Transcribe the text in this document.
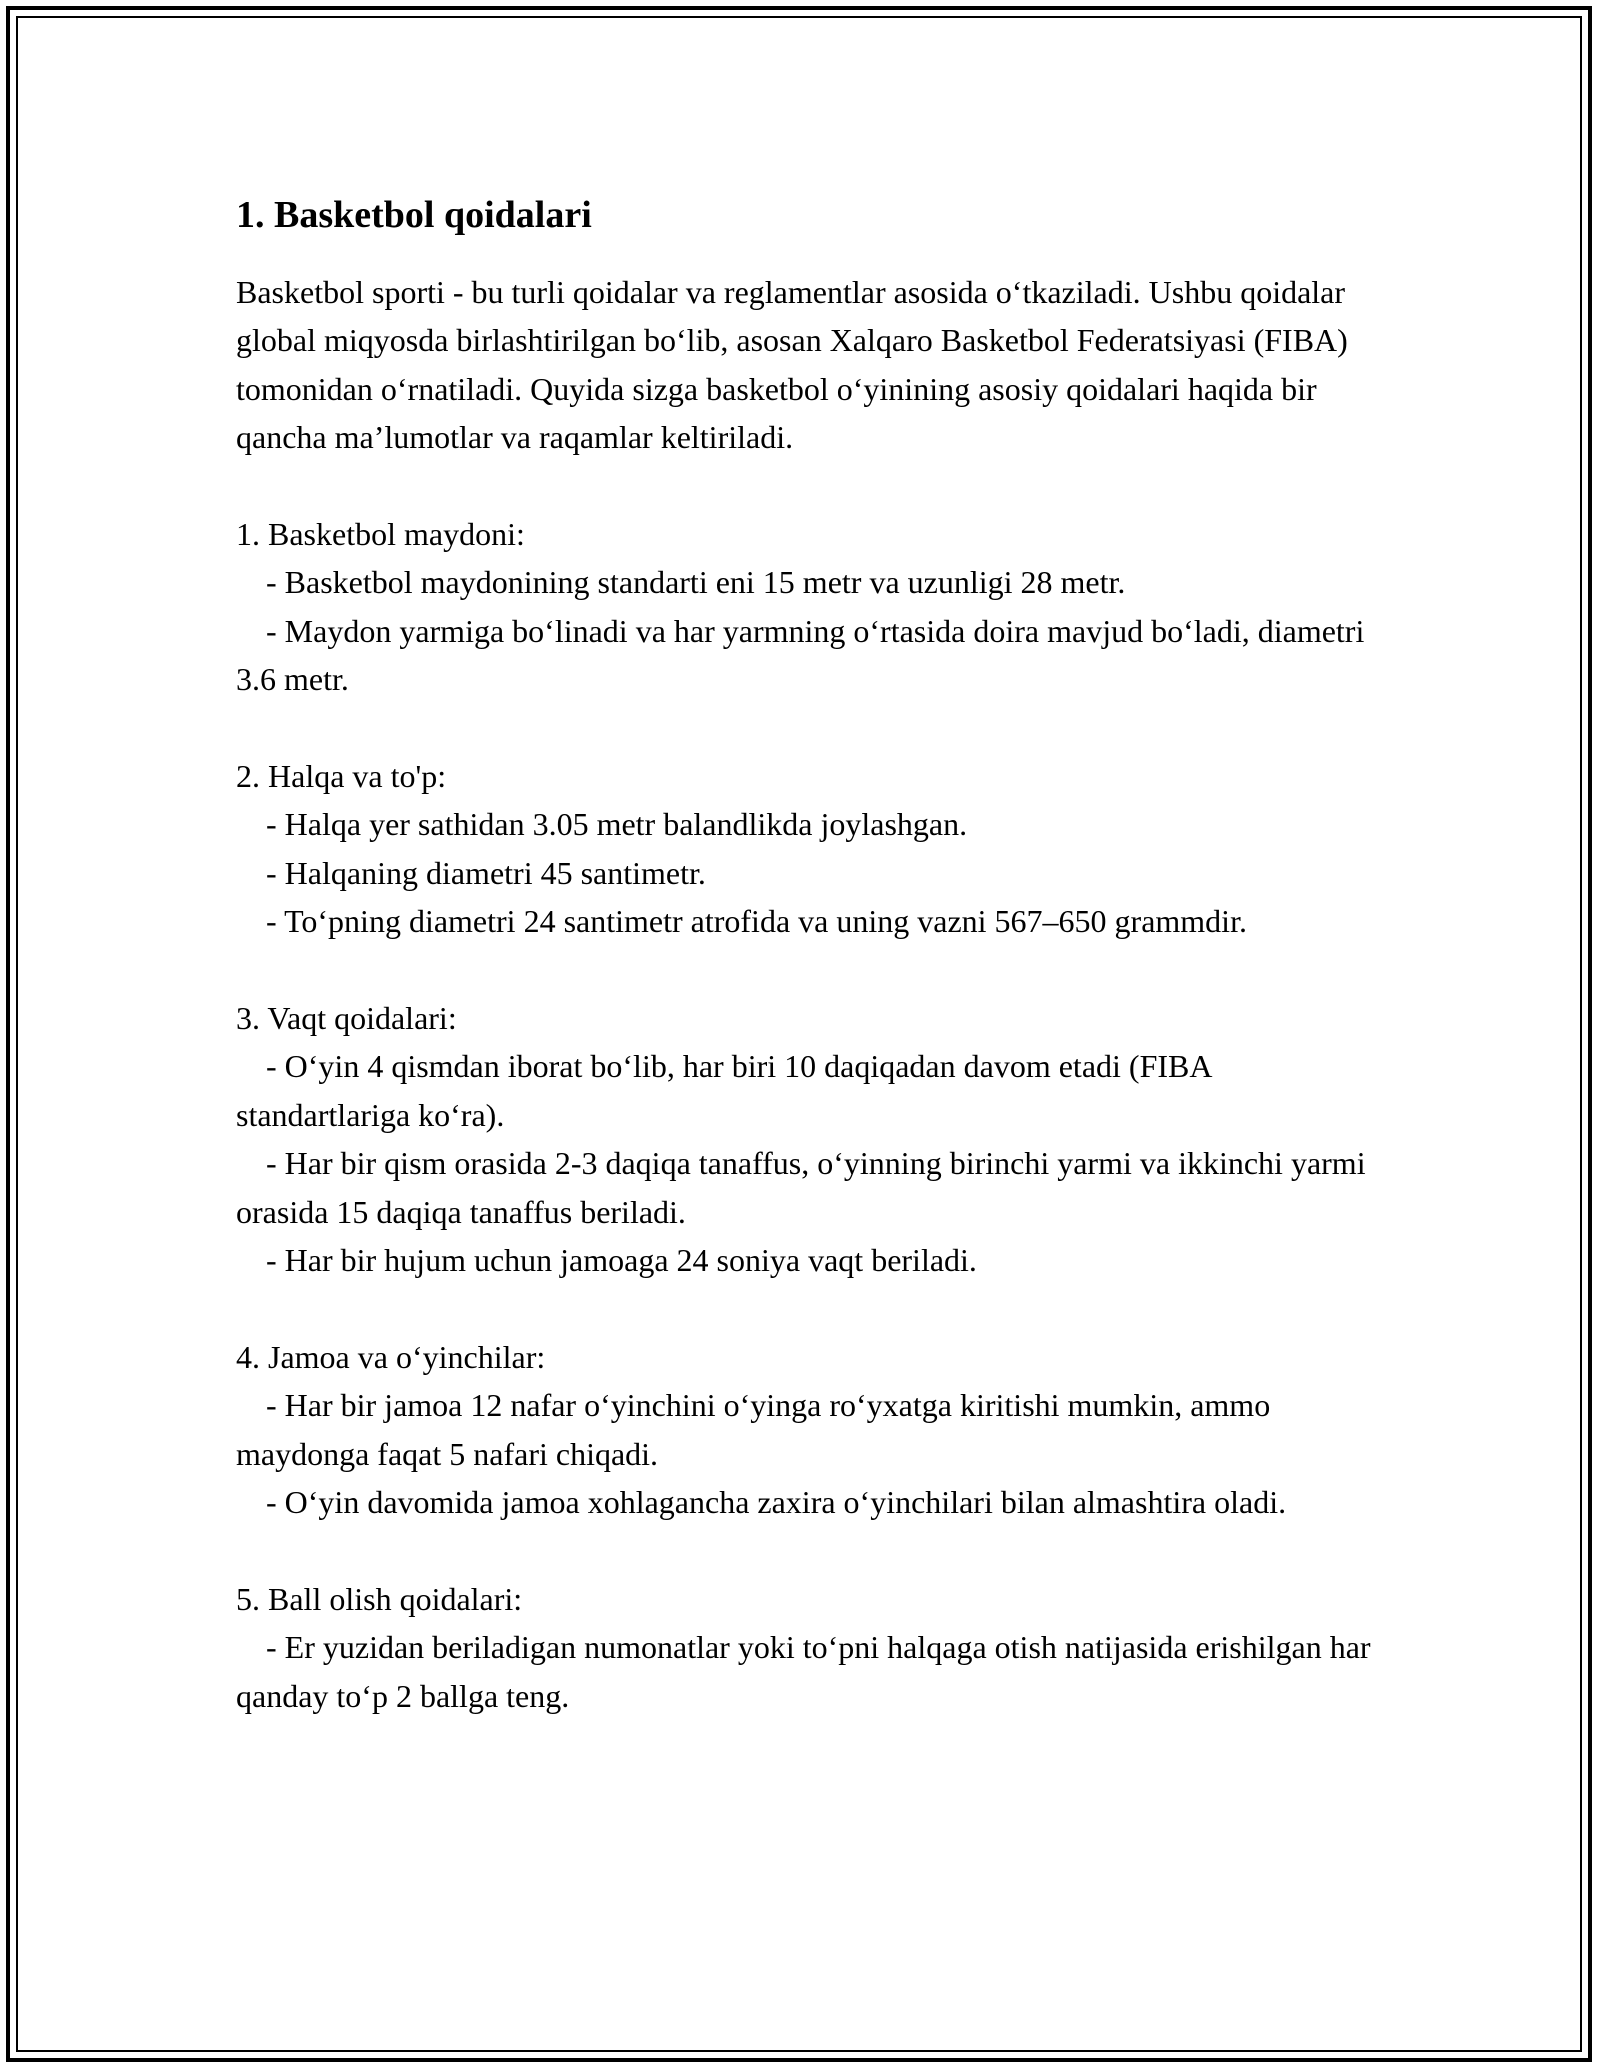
1. Basketbol qoidalari

Basketbol sporti - bu turli qoidalar va reglamentlar asosida o‘tkaziladi. Ushbu qoidalar global miqyosda birlashtirilgan bo‘lib, asosan Xalqaro Basketbol Federatsiyasi (FIBA) tomonidan o‘rnatiladi. Quyida sizga basketbol o‘yinining asosiy qoidalari haqida bir qancha ma’lumotlar va raqamlar keltiriladi.

1. Basketbol maydoni:

- Basketbol maydonining standarti eni 15 metr va uzunligi 28 metr.

- Maydon yarmiga bo‘linadi va har yarmning o‘rtasida doira mavjud bo‘ladi, diametri 3.6 metr.

2. Halqa va to'p:

- Halqa yer sathidan 3.05 metr balandlikda joylashgan.

- Halqaning diametri 45 santimetr.

- To‘pning diametri 24 santimetr atrofida va uning vazni 567–650 grammdir.

3. Vaqt qoidalari:

- O‘yin 4 qismdan iborat bo‘lib, har biri 10 daqiqadan davom etadi (FIBA standartlariga ko‘ra).

- Har bir qism orasida 2-3 daqiqa tanaffus, o‘yinning birinchi yarmi va ikkinchi yarmi orasida 15 daqiqa tanaffus beriladi.

- Har bir hujum uchun jamoaga 24 soniya vaqt beriladi.

4. Jamoa va o‘yinchilar:

- Har bir jamoa 12 nafar o‘yinchini o‘yinga ro‘yxatga kiritishi mumkin, ammo maydonga faqat 5 nafari chiqadi.

- O‘yin davomida jamoa xohlagancha zaxira o‘yinchilari bilan almashtira oladi.

5. Ball olish qoidalari:

- Er yuzidan beriladigan numonatlar yoki to‘pni halqaga otish natijasida erishilgan har qanday to‘p 2 ballga teng.
